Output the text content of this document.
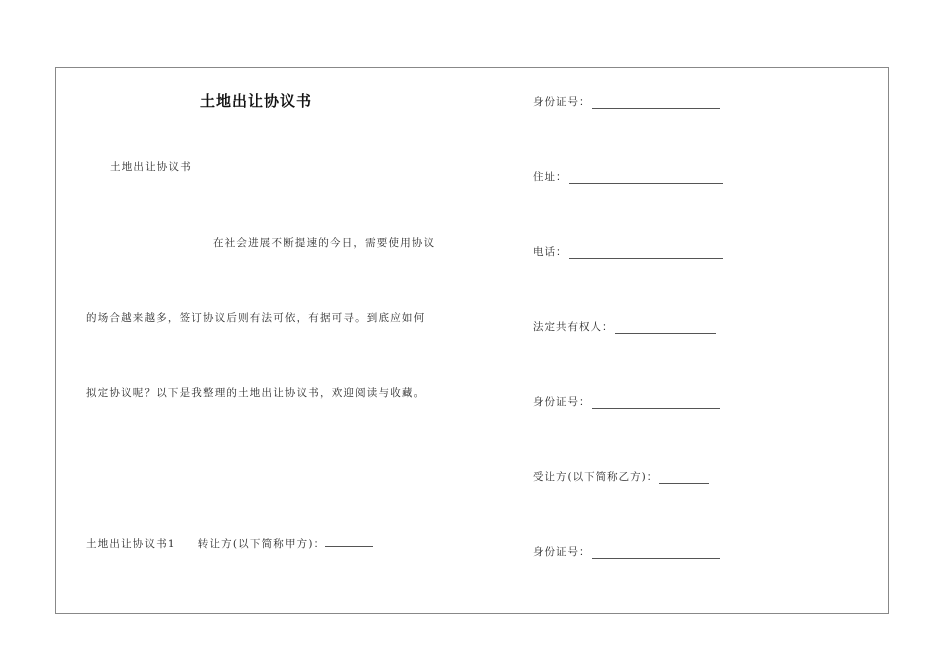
土地出让协议书
土地出让协议书
在社会进展不断提速的今日，需要使用协议
的场合越来越多，签订协议后则有法可依，有据可寻。到底应如何
拟定协议呢？以下是我整理的土地出让协议书，欢迎阅读与收藏。
土地出让协议书1 转让方(以下简称甲方)：
身份证号：
住址：
电话：
法定共有权人：
身份证号：
受让方(以下简称乙方)：
身份证号：
